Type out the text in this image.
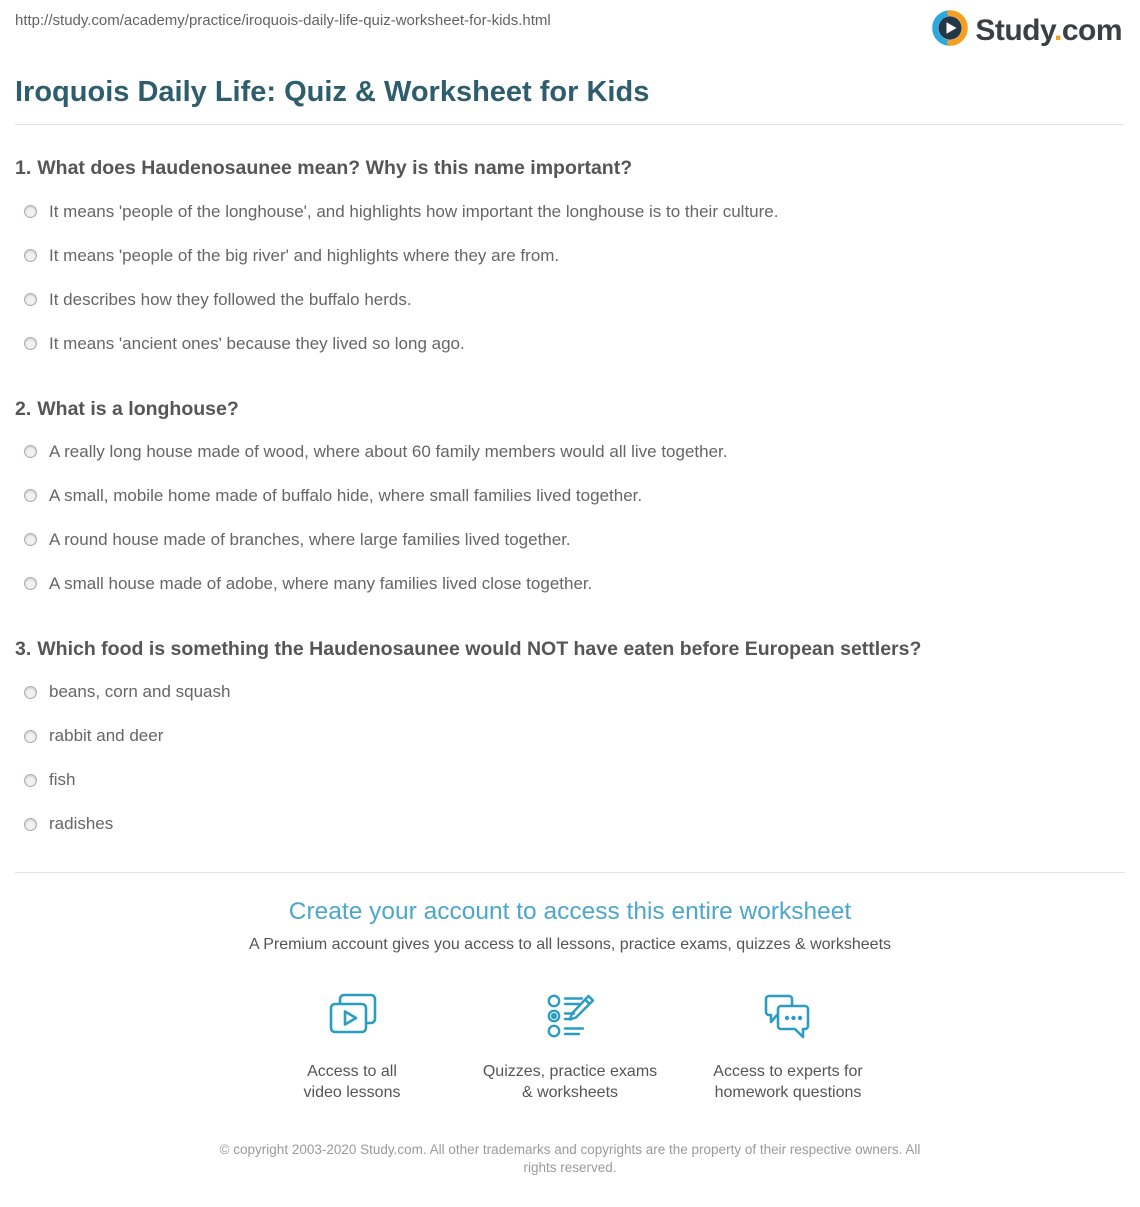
http://study.com/academy/practice/iroquois-daily-life-quiz-worksheet-for-kids.html	Study.com
Iroquois Daily Life: Quiz & Worksheet for Kids
1. What does Haudenosaunee mean? Why is this name important?
It means 'people of the longhouse', and highlights how important the longhouse is to their culture.
It means 'people of the big river' and highlights where they are from.
It describes how they followed the buffalo herds.
It means 'ancient ones' because they lived so long ago.
2. What is a longhouse?
A really long house made of wood, where about 60 family members would all live together.
A small, mobile home made of buffalo hide, where small families lived together.
A round house made of branches, where large families lived together.
A small house made of adobe, where many families lived close together.
3. Which food is something the Haudenosaunee would NOT have eaten before European settlers?
beans, corn and squash
rabbit and deer
fish
radishes
Create your account to access this entire worksheet

A Premium account gives you access to all lessons, practice exams, quizzes & worksheets

Access to all
video lessons
Quizzes, practice exams
& worksheets
Access to experts for
homework questions
© copyright 2003-2020 Study.com. All other trademarks and copyrights are the property of their respective owners. All rights reserved.
